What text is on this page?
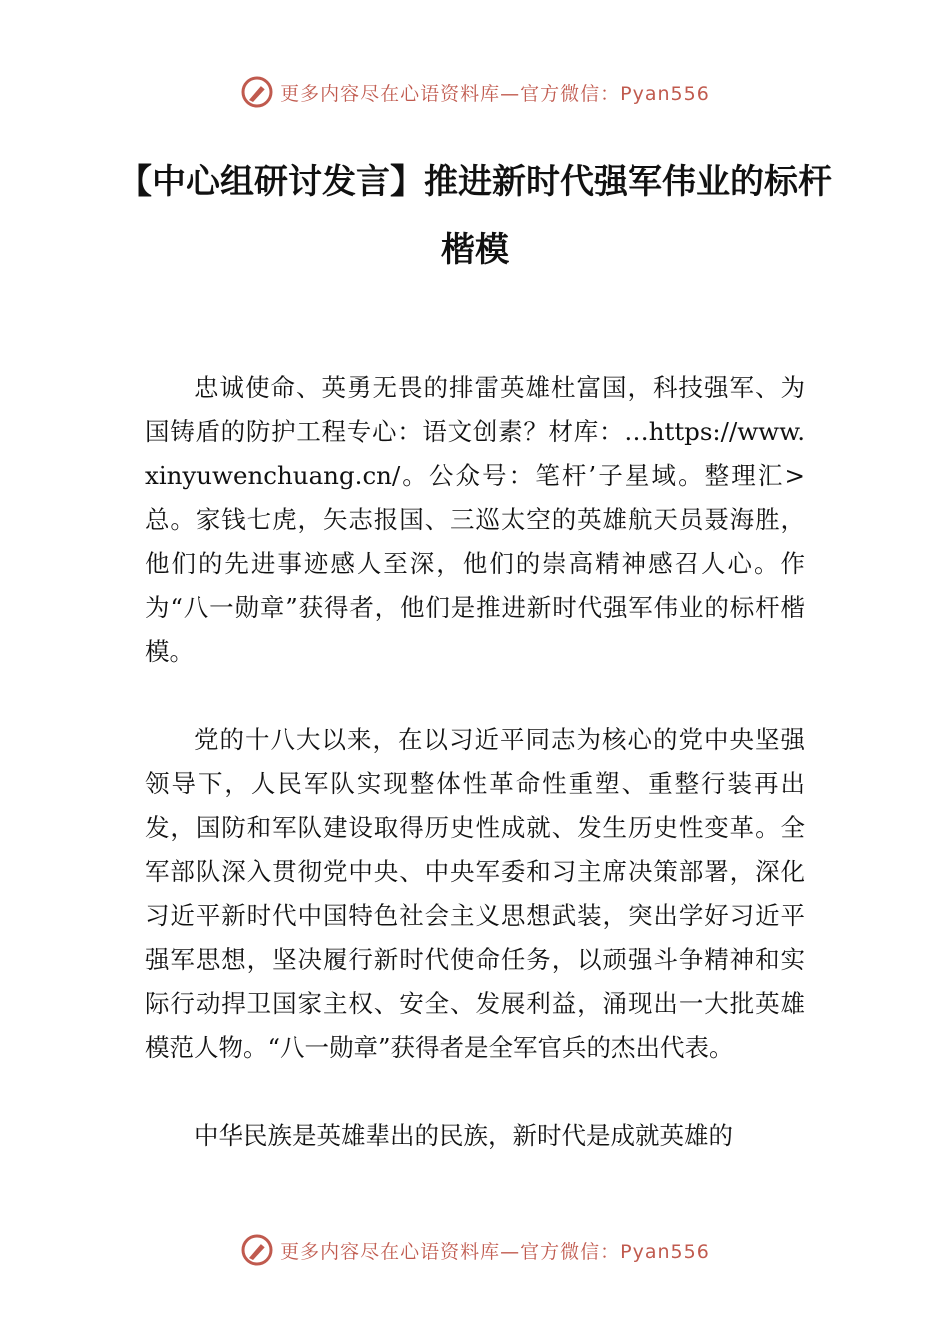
更多内容尽在心语资料库—官方微信：Pyan556
【中心组研讨发言】推进新时代强军伟业的标杆楷模

忠诚使命、英勇无畏的排雷英雄杜富国，科技强军、为国铸盾的防护工程专心：语文创素？材库：…https://www.xinyuwenchuang.cn/。公众号：笔杆’子星域。整理汇>总。家钱七虎，矢志报国、三巡太空的英雄航天员聂海胜，他们的先进事迹感人至深，他们的崇高精神感召人心。作为“八一勋章”获得者，他们是推进新时代强军伟业的标杆楷模。

党的十八大以来，在以习近平同志为核心的党中央坚强领导下，人民军队实现整体性革命性重塑、重整行装再出发，国防和军队建设取得历史性成就、发生历史性变革。全军部队深入贯彻党中央、中央军委和习主席决策部署，深化习近平新时代中国特色社会主义思想武装，突出学好习近平强军思想，坚决履行新时代使命任务，以顽强斗争精神和实际行动捍卫国家主权、安全、发展利益，涌现出一大批英雄模范人物。“八一勋章”获得者是全军官兵的杰出代表。

中华民族是英雄辈出的民族，新时代是成就英雄的

更多内容尽在心语资料库—官方微信：Pyan556
